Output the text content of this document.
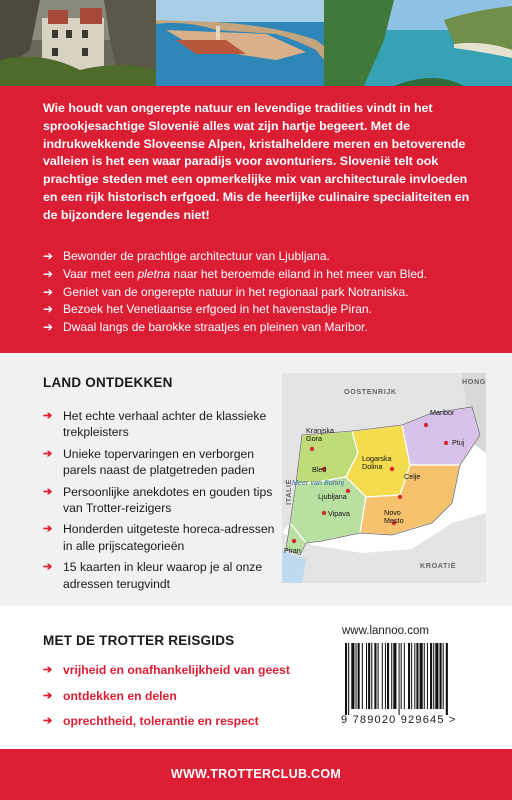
Wie houdt van ongerepte natuur en levendige tradities vindt in het sprookjesachtige Slovenië alles wat zijn hartje begeert. Met de indrukwekkende Sloveense Alpen, kristalheldere meren en betoverende valleien is het een waar paradijs voor avonturiers. Slovenië telt ook prachtige steden met een opmerkelijke mix van architecturale invloeden en een rijk historisch erfgoed. Mis de heerlijke culinaire specialiteiten en de bijzondere legendes niet!

➔ Bewonder de prachtige architectuur van Ljubljana.
➔ Vaar met een pletna naar het beroemde eiland in het meer van Bled.
➔ Geniet van de ongerepte natuur in het regionaal park Notraniska.
➔ Bezoek het Venetiaanse erfgoed in het havenstadje Piran.
➔ Dwaal langs de barokke straatjes en pleinen van Maribor.
LAND ONTDEKKEN
➔ Het echte verhaal achter de klassieke trekpleisters
➔ Unieke topervaringen en verborgen parels naast de platgetreden paden
➔ Persoonlijke anekdotes en gouden tips van Trotter-reizigers
➔ Honderden uitgeteste horeca-adressen in alle prijscategorieën
➔ 15 kaarten in kleur waarop je al onze adressen terugvindt
OOSTENRIJK
HONG
ITALIË
KROATIË
Kranjska
Gora
Bled
Meer van Bohinj
Ljubljana
Vipava
Piran
Logarska
Dolina
Celje
Maribor
Ptuj
Novo
Mesto
MET DE TROTTER REISGIDS
➔ vrijheid en onafhankelijkheid van geest
➔ ontdekken en delen
➔ oprechtheid, tolerantie en respect
www.lannoo.com
9 789020 929645 >
WWW.TROTTERCLUB.COM
